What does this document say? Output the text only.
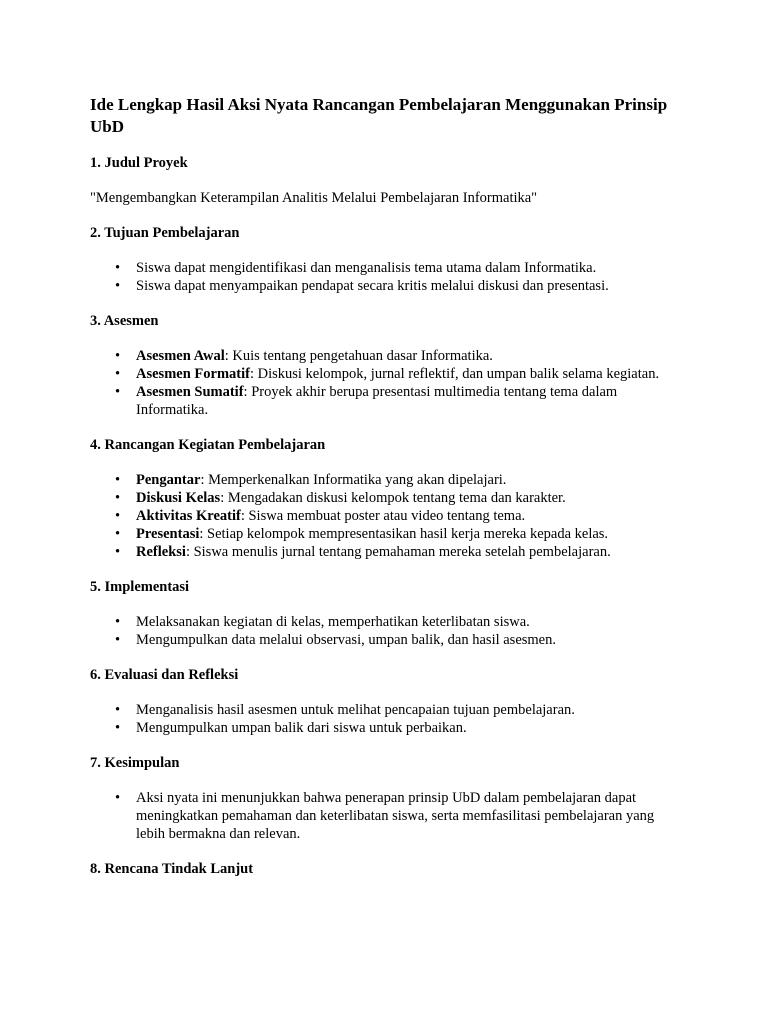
Ide Lengkap Hasil Aksi Nyata Rancangan Pembelajaran Menggunakan Prinsip UbD
1. Judul Proyek
"Mengembangkan Keterampilan Analitis Melalui Pembelajaran Informatika"
2. Tujuan Pembelajaran
• Siswa dapat mengidentifikasi dan menganalisis tema utama dalam Informatika.
• Siswa dapat menyampaikan pendapat secara kritis melalui diskusi dan presentasi.
3. Asesmen
• Asesmen Awal: Kuis tentang pengetahuan dasar Informatika.
• Asesmen Formatif: Diskusi kelompok, jurnal reflektif, dan umpan balik selama kegiatan.
• Asesmen Sumatif: Proyek akhir berupa presentasi multimedia tentang tema dalam Informatika.
4. Rancangan Kegiatan Pembelajaran
• Pengantar: Memperkenalkan Informatika yang akan dipelajari.
• Diskusi Kelas: Mengadakan diskusi kelompok tentang tema dan karakter.
• Aktivitas Kreatif: Siswa membuat poster atau video tentang tema.
• Presentasi: Setiap kelompok mempresentasikan hasil kerja mereka kepada kelas.
• Refleksi: Siswa menulis jurnal tentang pemahaman mereka setelah pembelajaran.
5. Implementasi
• Melaksanakan kegiatan di kelas, memperhatikan keterlibatan siswa.
• Mengumpulkan data melalui observasi, umpan balik, dan hasil asesmen.
6. Evaluasi dan Refleksi
• Menganalisis hasil asesmen untuk melihat pencapaian tujuan pembelajaran.
• Mengumpulkan umpan balik dari siswa untuk perbaikan.
7. Kesimpulan
• Aksi nyata ini menunjukkan bahwa penerapan prinsip UbD dalam pembelajaran dapat meningkatkan pemahaman dan keterlibatan siswa, serta memfasilitasi pembelajaran yang lebih bermakna dan relevan.
8. Rencana Tindak Lanjut
